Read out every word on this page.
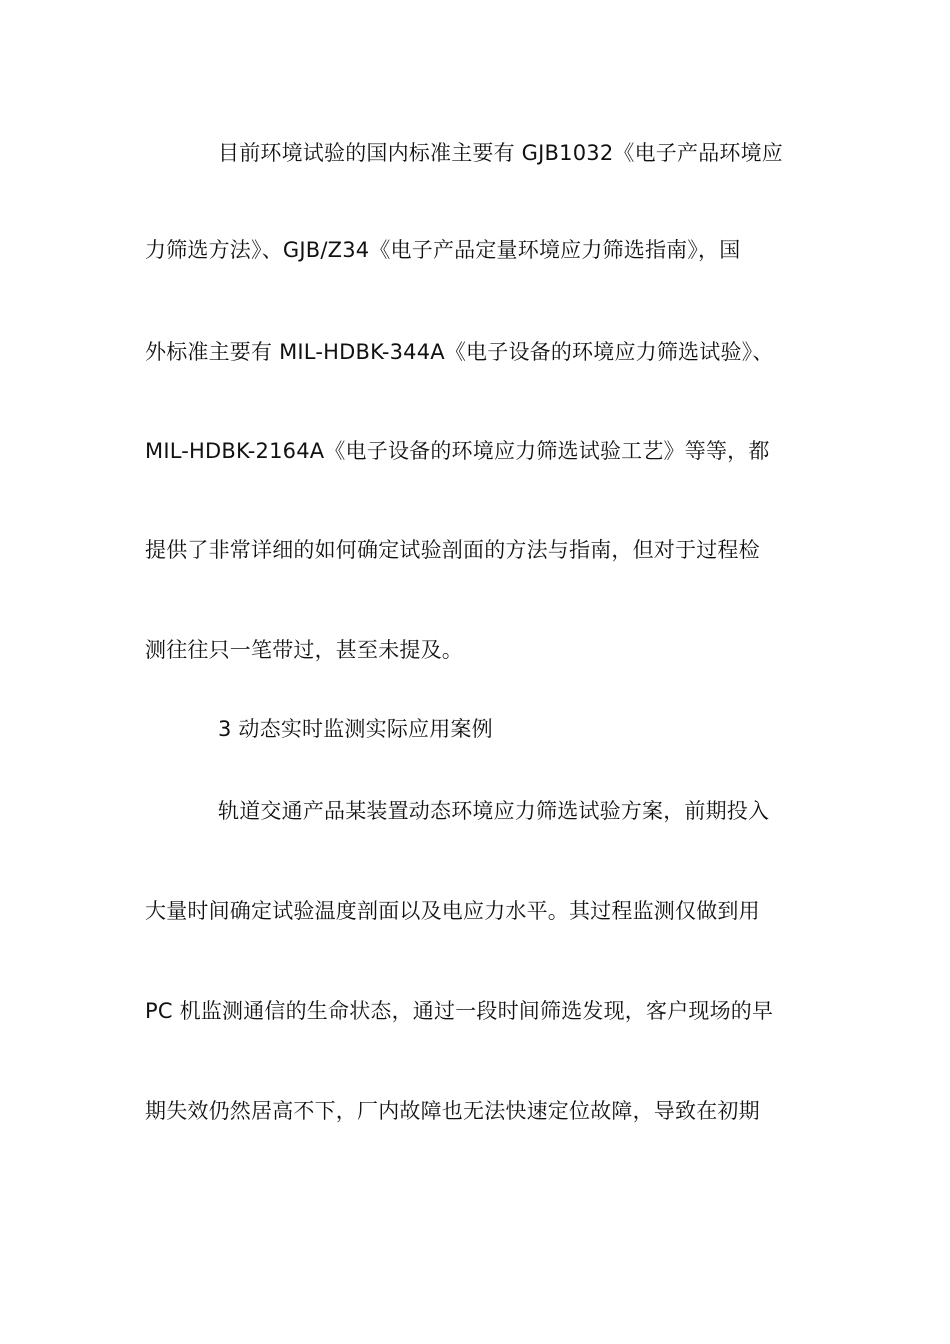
目前环境试验的国内标准主要有 GJB1032《电子产品环境应
力筛选方法》、GJB/Z34《电子产品定量环境应力筛选指南》，国
外标准主要有 MIL-HDBK-344A《电子设备的环境应力筛选试验》、
MIL-HDBK-2164A《电子设备的环境应力筛选试验工艺》等等，都
提供了非常详细的如何确定试验剖面的方法与指南，但对于过程检
测往往只一笔带过，甚至未提及。
3 动态实时监测实际应用案例
轨道交通产品某装置动态环境应力筛选试验方案，前期投入
大量时间确定试验温度剖面以及电应力水平。其过程监测仅做到用
PC 机监测通信的生命状态，通过一段时间筛选发现，客户现场的早
期失效仍然居高不下，厂内故障也无法快速定位故障，导致在初期
